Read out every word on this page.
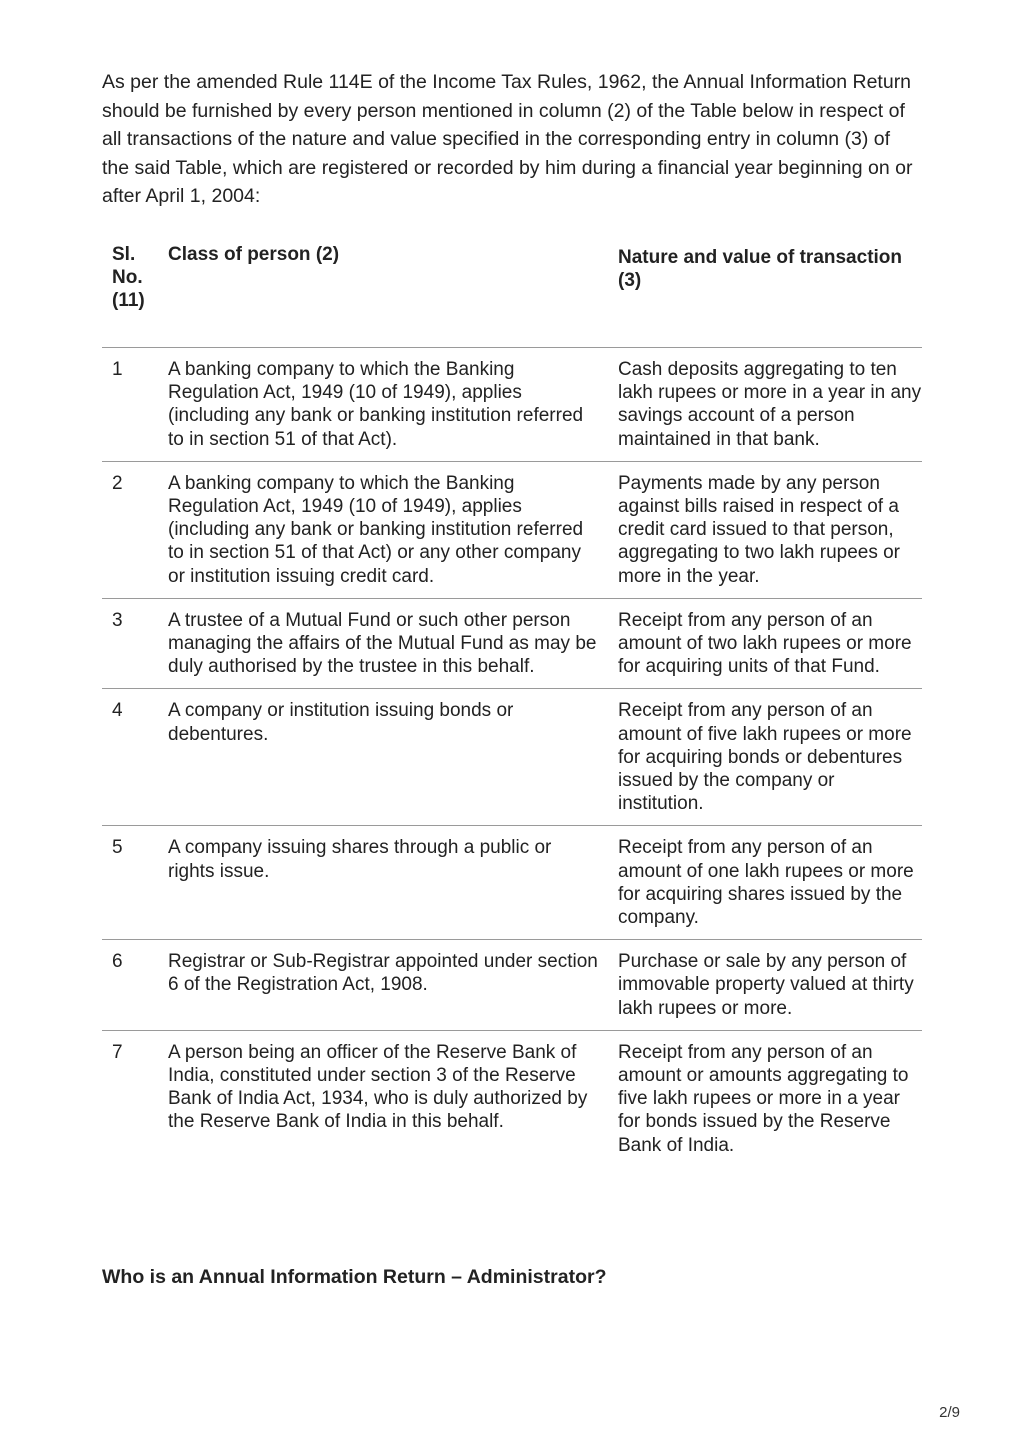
As per the amended Rule 114E of the Income Tax Rules, 1962, the Annual Information Return should be furnished by every person mentioned in column (2) of the Table below in respect of all transactions of the nature and value specified in the corresponding entry in column (3) of the said Table, which are registered or recorded by him during a financial year beginning on or after April 1, 2004:

Sl. No. (11)	Class of person (2)	Nature and value of transaction (3)

1	A banking company to which the Banking Regulation Act, 1949 (10 of 1949), applies (including any bank or banking institution referred to in section 51 of that Act).	Cash deposits aggregating to ten lakh rupees or more in a year in any savings account of a person maintained in that bank.
2	A banking company to which the Banking Regulation Act, 1949 (10 of 1949), applies (including any bank or banking institution referred to in section 51 of that Act) or any other company or institution issuing credit card.	Payments made by any person against bills raised in respect of a credit card issued to that person, aggregating to two lakh rupees or more in the year.
3	A trustee of a Mutual Fund or such other person managing the affairs of the Mutual Fund as may be duly authorised by the trustee in this behalf.	Receipt from any person of an amount of two lakh rupees or more for acquiring units of that Fund.
4	A company or institution issuing bonds or debentures.	Receipt from any person of an amount of five lakh rupees or more for acquiring bonds or debentures issued by the company or institution.
5	A company issuing shares through a public or rights issue.	Receipt from any person of an amount of one lakh rupees or more for acquiring shares issued by the company.
6	Registrar or Sub-Registrar appointed under section 6 of the Registration Act, 1908.	Purchase or sale by any person of immovable property valued at thirty lakh rupees or more.
7	A person being an officer of the Reserve Bank of India, constituted under section 3 of the Reserve Bank of India Act, 1934, who is duly authorized by the Reserve Bank of India in this behalf.	Receipt from any person of an amount or amounts aggregating to five lakh rupees or more in a year for bonds issued by the Reserve Bank of India.
Who is an Annual Information Return – Administrator?
2/9
